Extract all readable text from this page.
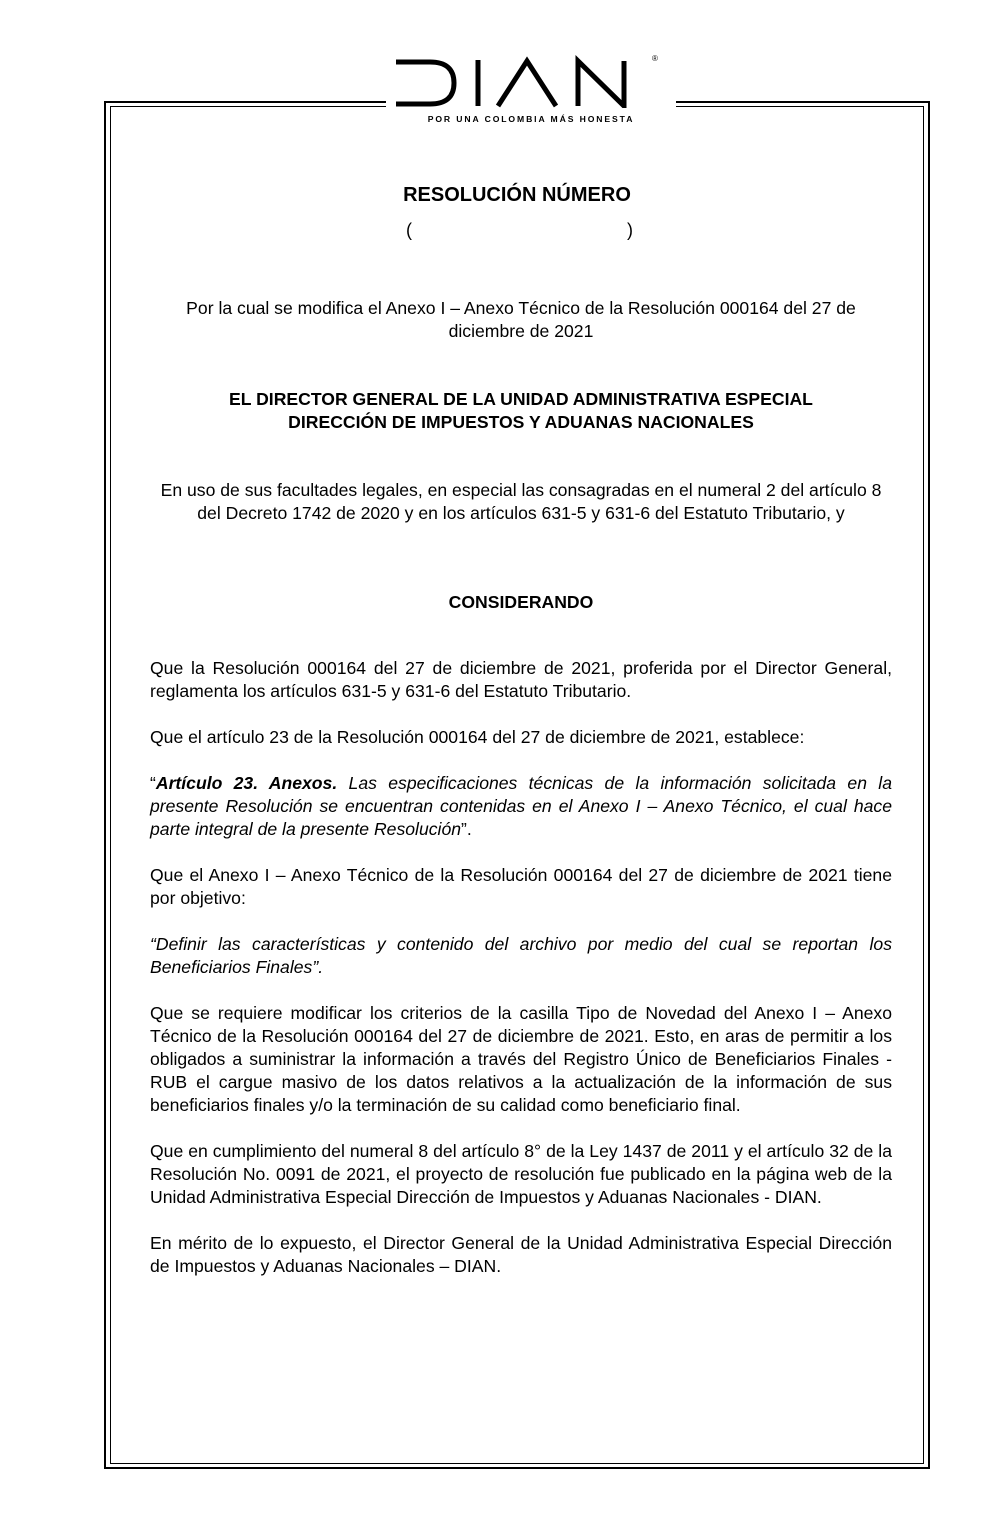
®
POR UNA COLOMBIA MÁS HONESTA
RESOLUCIÓN NÚMERO
(	)
Por la cual se modifica el Anexo I – Anexo Técnico de la Resolución 000164 del 27 de diciembre de 2021
EL DIRECTOR GENERAL DE LA UNIDAD ADMINISTRATIVA ESPECIAL
DIRECCIÓN DE IMPUESTOS Y ADUANAS NACIONALES
En uso de sus facultades legales, en especial las consagradas en el numeral 2 del artículo 8 del Decreto 1742 de 2020 y en los artículos 631-5 y 631-6 del Estatuto Tributario, y
CONSIDERANDO

Que la Resolución 000164 del 27 de diciembre de 2021, proferida por el Director General, reglamenta los artículos 631-5 y 631-6 del Estatuto Tributario.

Que el artículo 23 de la Resolución 000164 del 27 de diciembre de 2021, establece:

“Artículo 23. Anexos. Las especificaciones técnicas de la información solicitada en la presente Resolución se encuentran contenidas en el Anexo I – Anexo Técnico, el cual hace parte integral de la presente Resolución”.

Que el Anexo I – Anexo Técnico de la Resolución 000164 del 27 de diciembre de 2021 tiene por objetivo:

“Definir las características y contenido del archivo por medio del cual se reportan los Beneficiarios Finales”.

Que se requiere modificar los criterios de la casilla Tipo de Novedad del Anexo I – Anexo Técnico de la Resolución 000164 del 27 de diciembre de 2021. Esto, en aras de permitir a los obligados a suministrar la información a través del Registro Único de Beneficiarios Finales - RUB el cargue masivo de los datos relativos a la actualización de la información de sus beneficiarios finales y/o la terminación de su calidad como beneficiario final.

Que en cumplimiento del numeral 8 del artículo 8° de la Ley 1437 de 2011 y el artículo 32 de la Resolución No. 0091 de 2021, el proyecto de resolución fue publicado en la página web de la Unidad Administrativa Especial Dirección de Impuestos y Aduanas Nacionales - DIAN.

En mérito de lo expuesto, el Director General de la Unidad Administrativa Especial Dirección de Impuestos y Aduanas Nacionales – DIAN.
